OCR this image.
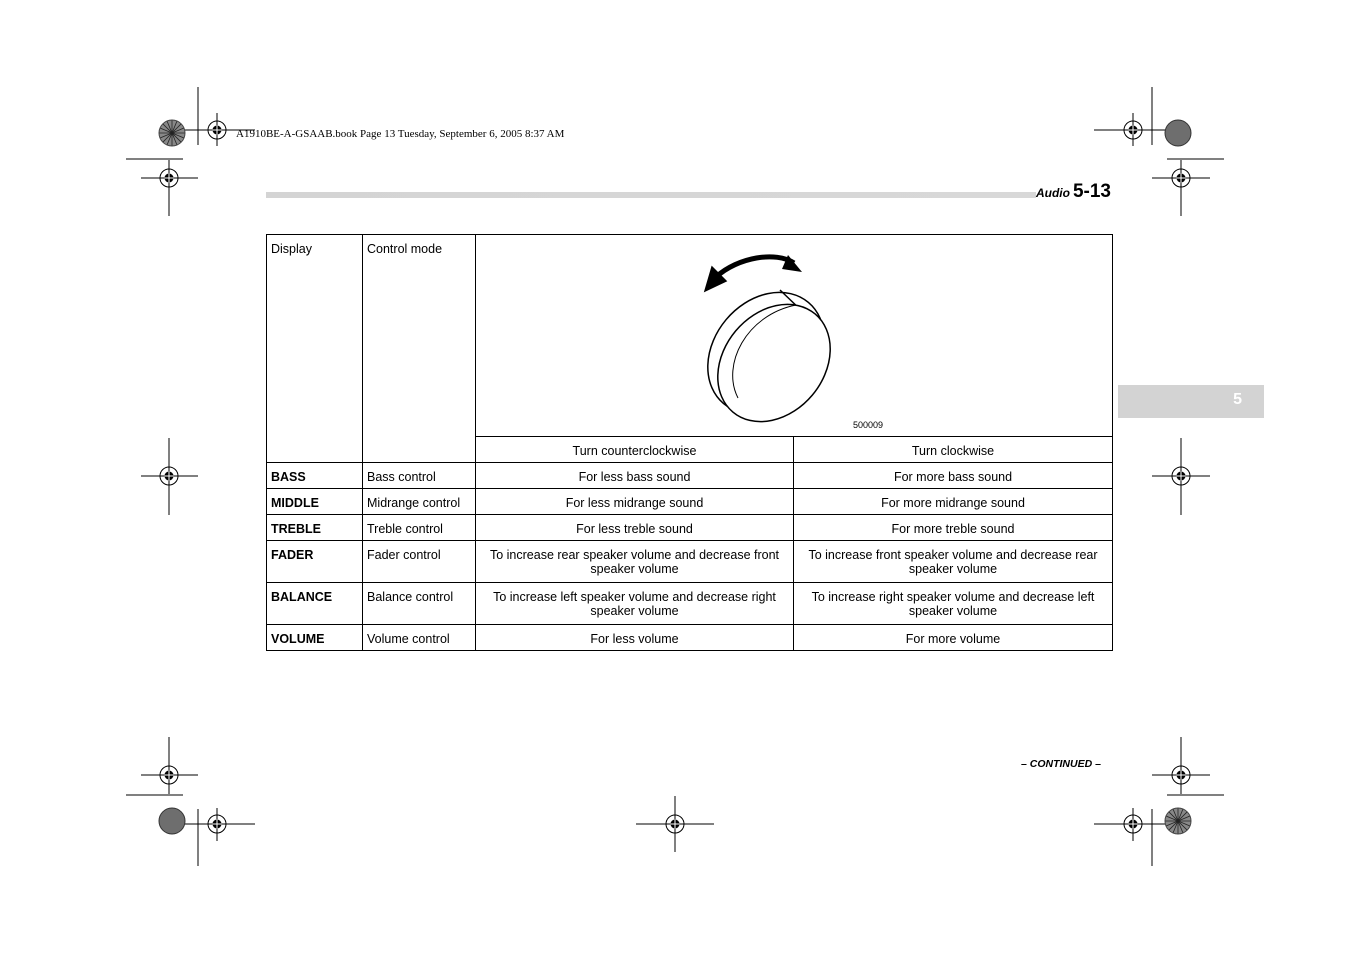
A1910BE-A-GSAAB.book Page 13 Tuesday, September 6, 2005 8:37 AM
Audio 5-13
5
Display	Control mode	500009	

		Turn counterclockwise	Turn clockwise
BASS	Bass control	For less bass sound	For more bass sound
MIDDLE	Midrange control	For less midrange sound	For more midrange sound
TREBLE	Treble control	For less treble sound	For more treble sound
FADER	Fader control	To increase rear speaker volume and decrease front speaker volume	To increase front speaker volume and decrease rear speaker volume
BALANCE	Balance control	To increase left speaker volume and decrease right speaker volume	To increase right speaker volume and decrease left speaker volume
VOLUME	Volume control	For less volume	For more volume
– CONTINUED –
